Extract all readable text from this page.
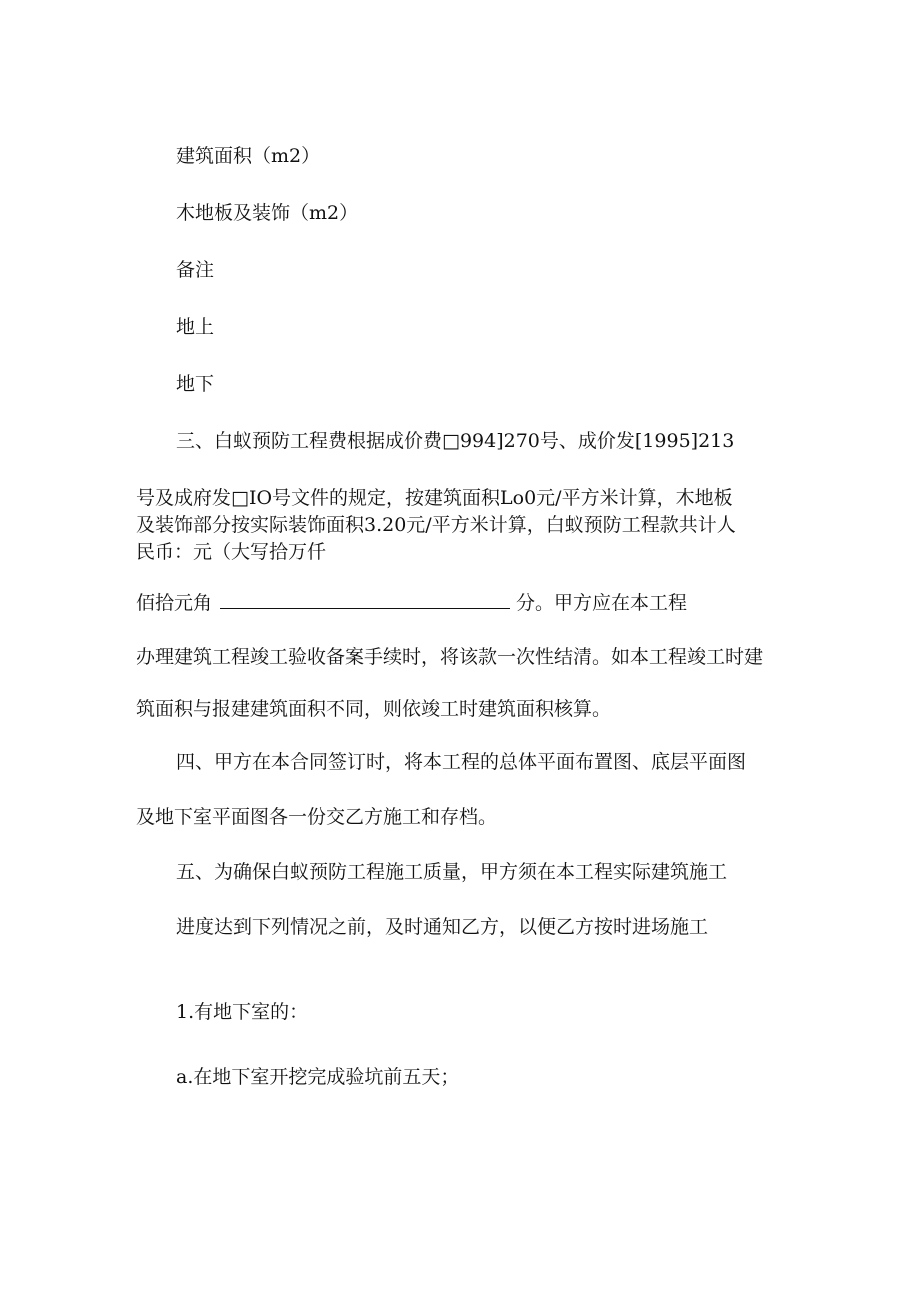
建筑面积（m2）

木地板及装饰（m2）

备注

地上

地下

三、白蚁预防工程费根据成价费□994]270号、成价发[1995]213

号及成府发□IO号文件的规定，按建筑面积Lo0元/平方米计算，木地板

及装饰部分按实际装饰面积3.20元/平方米计算，白蚁预防工程款共计人

民币：元（大写拾万仟

佰拾元角	分。甲方应在本工程

办理建筑工程竣工验收备案手续时，将该款一次性结清。如本工程竣工时建

筑面积与报建建筑面积不同，则依竣工时建筑面积核算。

四、甲方在本合同签订时，将本工程的总体平面布置图、底层平面图

及地下室平面图各一份交乙方施工和存档。

五、为确保白蚁预防工程施工质量，甲方须在本工程实际建筑施工

进度达到下列情况之前，及时通知乙方，以便乙方按时进场施工

1.有地下室的：

a.在地下室开挖完成验坑前五天；
